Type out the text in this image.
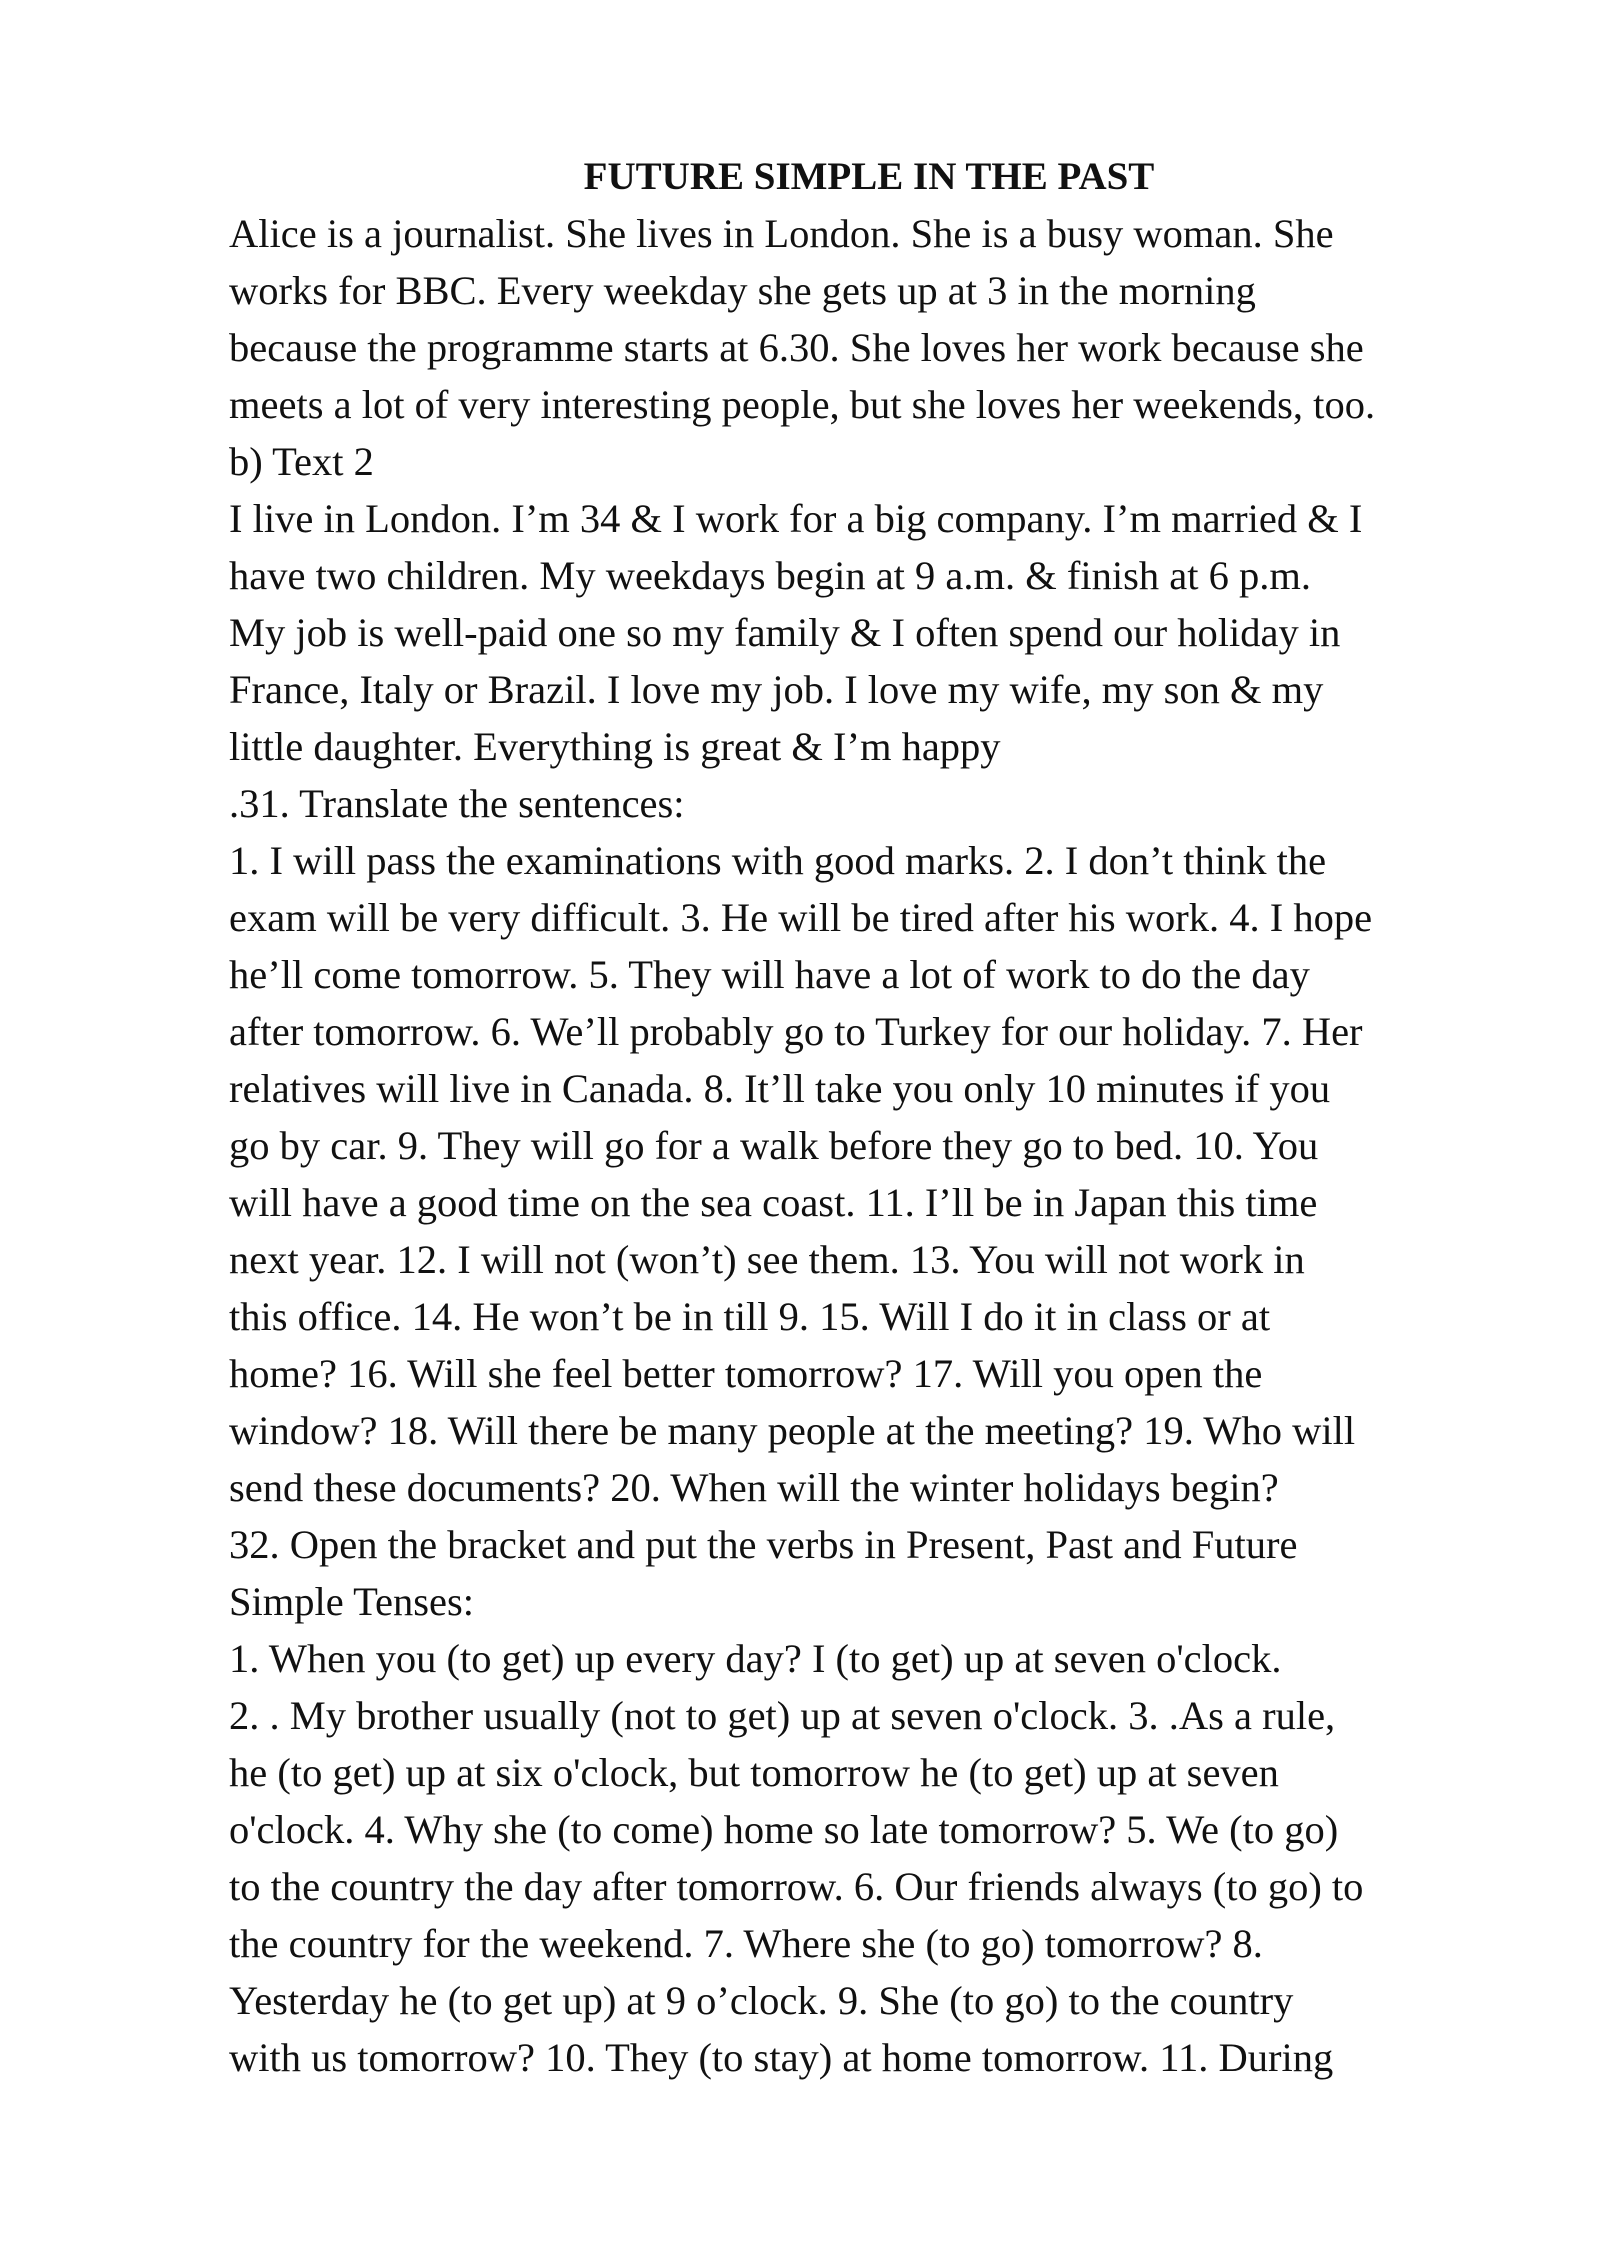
FUTURE SIMPLE IN THE PAST
Alice is a journalist. She lives in London. She is a busy woman. She
works for BBC. Every weekday she gets up at 3 in the morning
because the programme starts at 6.30. She loves her work because she
meets a lot of very interesting people, but she loves her weekends, too.
b) Text 2
I live in London. I’m 34 & I work for a big company. I’m married & I
have two children. My weekdays begin at 9 a.m. & finish at 6 p.m.
My job is well-paid one so my family & I often spend our holiday in
France, Italy or Brazil. I love my job. I love my wife, my son & my
little daughter. Everything is great & I’m happy
.31. Translate the sentences:
1. I will pass the examinations with good marks. 2. I don’t think the
exam will be very difficult. 3. He will be tired after his work. 4. I hope
he’ll come tomorrow. 5. They will have a lot of work to do the day
after tomorrow. 6. We’ll probably go to Turkey for our holiday. 7. Her
relatives will live in Canada. 8. It’ll take you only 10 minutes if you
go by car. 9. They will go for a walk before they go to bed. 10. You
will have a good time on the sea coast. 11. I’ll be in Japan this time
next year. 12. I will not (won’t) see them. 13. You will not work in
this office. 14. He won’t be in till 9. 15. Will I do it in class or at
home? 16. Will she feel better tomorrow? 17. Will you open the
window? 18. Will there be many people at the meeting? 19. Who will
send these documents? 20. When will the winter holidays begin?
32. Open the bracket and put the verbs in Present, Past and Future
Simple Tenses:
1. When you (to get) up every day? I (to get) up at seven o'clock.
2. . My brother usually (not to get) up at seven o'clock. 3. .As a rule,
he (to get) up at six o'clock, but tomorrow he (to get) up at seven
o'clock. 4. Why she (to come) home so late tomorrow? 5. We (to go)
to the country the day after tomorrow. 6. Our friends always (to go) to
the country for the weekend. 7. Where she (to go) tomorrow? 8.
Yesterday he (to get up) at 9 o’clock. 9. She (to go) to the country
with us tomorrow? 10. They (to stay) at home tomorrow. 11. During
